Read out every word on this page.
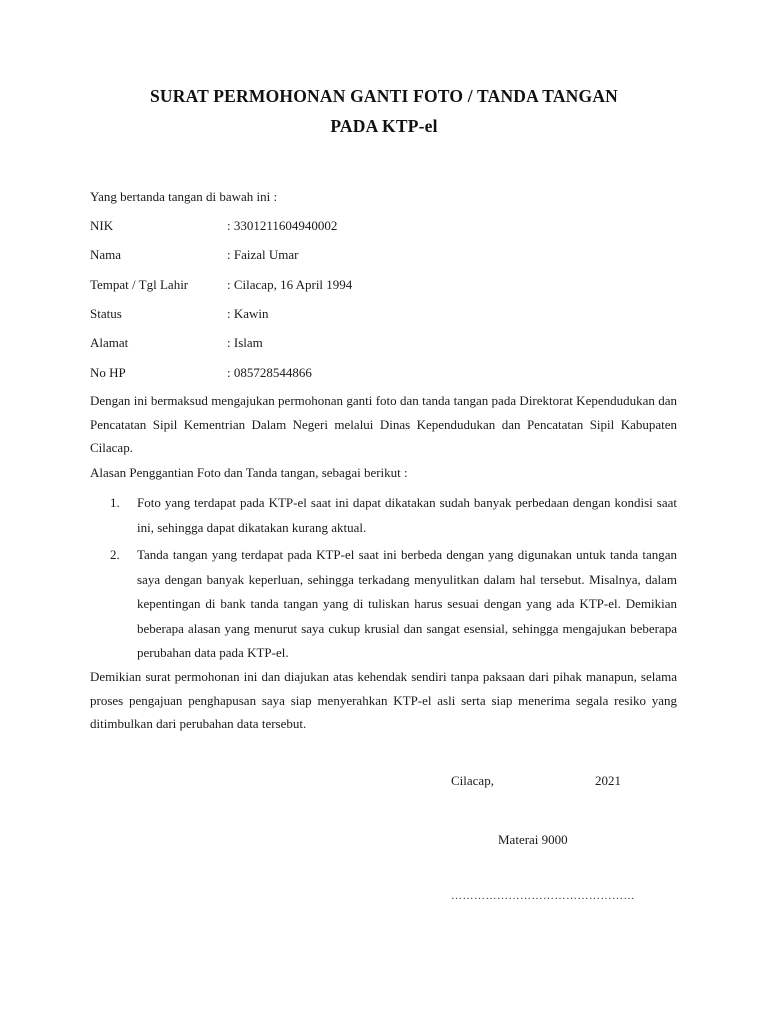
SURAT PERMOHONAN GANTI FOTO / TANDA TANGAN
PADA KTP-el
Yang bertanda tangan di bawah ini :
NIK	: 3301211604940002
Nama	: Faizal Umar
Tempat / Tgl Lahir	: Cilacap, 16 April 1994
Status	: Kawin
Alamat	: Islam
No HP	: 085728544866
Dengan ini bermaksud mengajukan permohonan ganti foto dan tanda tangan pada Direktorat Kependudukan dan Pencatatan Sipil Kementrian Dalam Negeri melalui Dinas Kependudukan dan Pencatatan Sipil Kabupaten Cilacap.
Alasan Penggantian Foto dan Tanda tangan, sebagai berikut :
1. Foto yang terdapat pada KTP-el saat ini dapat dikatakan sudah banyak perbedaan dengan kondisi saat ini, sehingga dapat dikatakan kurang aktual.
2. Tanda tangan yang terdapat pada KTP-el saat ini berbeda dengan yang digunakan untuk tanda tangan saya dengan banyak keperluan, sehingga terkadang menyulitkan dalam hal tersebut. Misalnya, dalam kepentingan di bank tanda tangan yang di tuliskan harus sesuai dengan yang ada KTP-el. Demikian beberapa alasan yang menurut saya cukup krusial dan sangat esensial, sehingga mengajukan beberapa perubahan data pada KTP-el.
Demikian surat permohonan ini dan diajukan atas kehendak sendiri tanpa paksaan dari pihak manapun, selama proses pengajuan penghapusan saya siap menyerahkan KTP-el asli serta siap menerima segala resiko yang ditimbulkan dari perubahan data tersebut.
Cilacap,	2021
Materai 9000
…………………………………………
